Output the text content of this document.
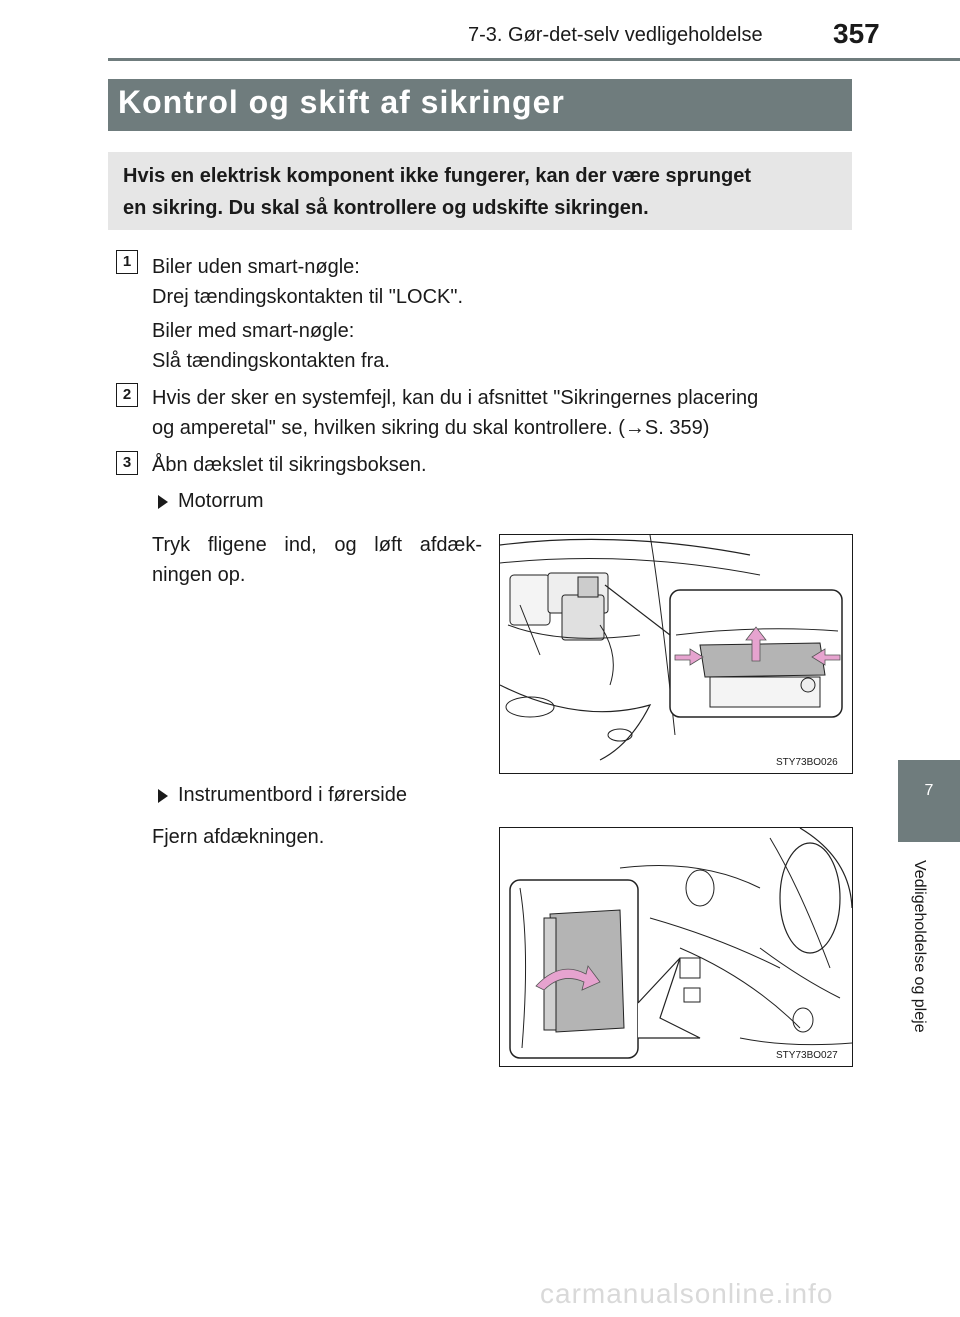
7-3. Gør-det-selv vedligeholdelse	357
Kontrol og skift af sikringer
Hvis en elektrisk komponent ikke fungerer, kan der være sprunget
en sikring. Du skal så kontrollere og udskifte sikringen.
1	Biler uden smart-nøgle:
Drej tændingskontakten til "LOCK".
Biler med smart-nøgle:
Slå tændingskontakten fra.
2	Hvis der sker en systemfejl, kan du i afsnittet "Sikringernes placering
og amperetal" se, hvilken sikring du skal kontrollere. (→S. 359)
3	Åbn dækslet til sikringsboksen.
Motorrum
Tryk fligene ind, og løft afdæk-
ningen op.
STY73BO026
Instrumentbord i førerside
Fjern afdækningen.
STY73BO027
7
Vedligeholdelse og pleje
carmanualsonline.info
